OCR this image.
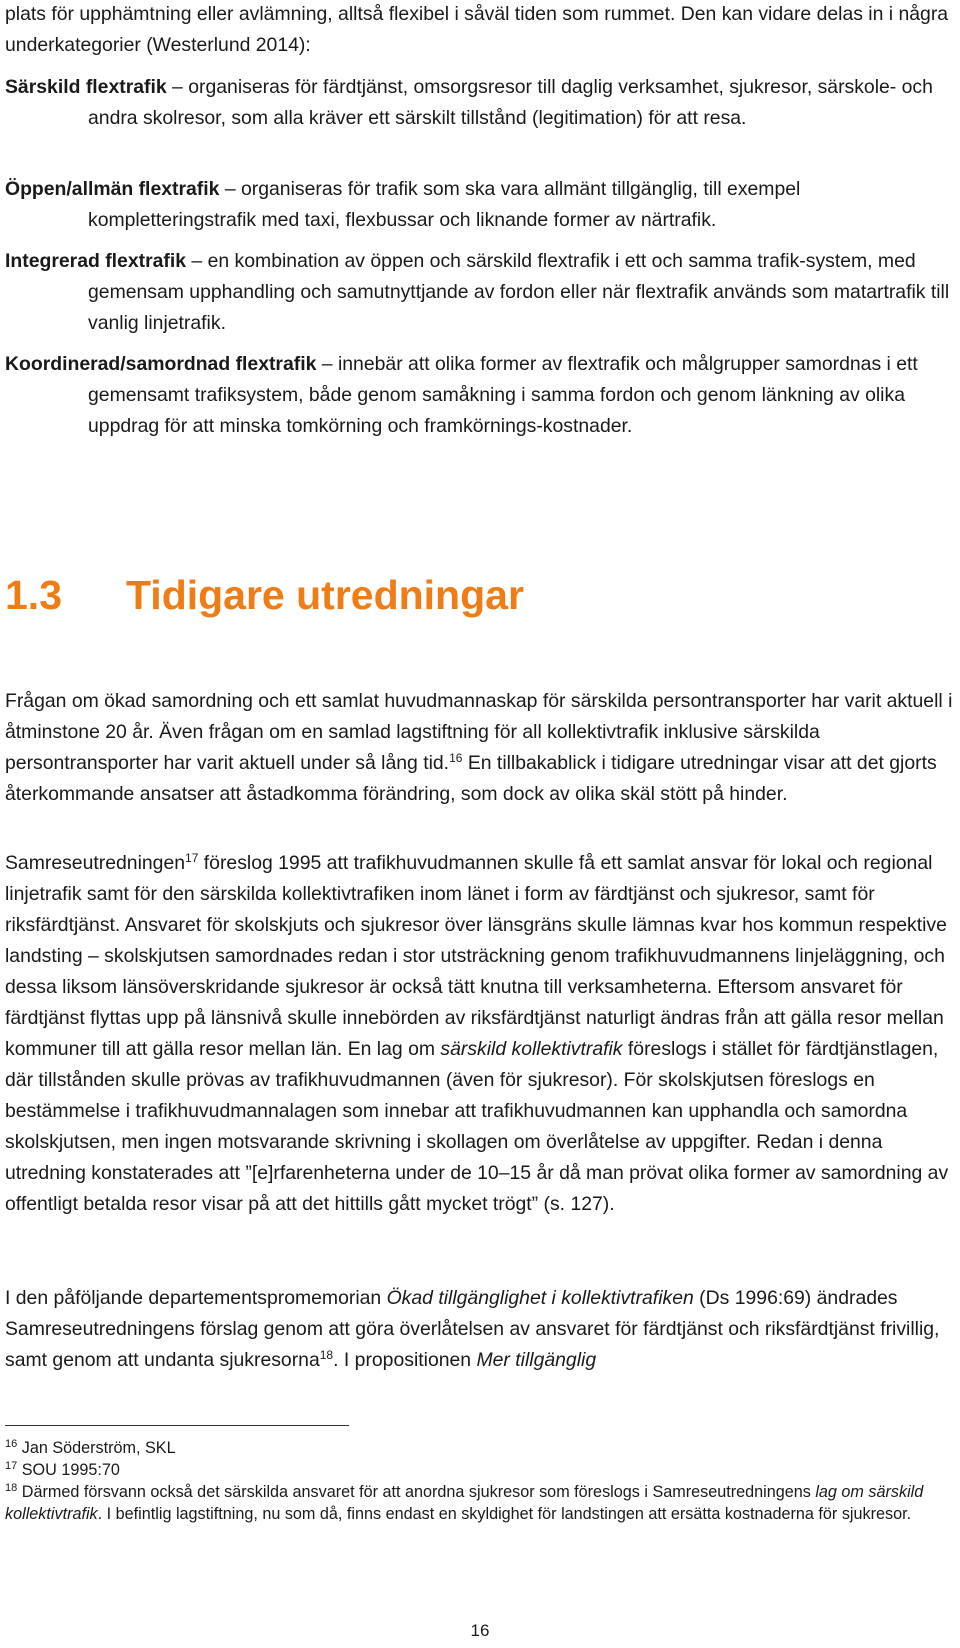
plats för upphämtning eller avlämning, alltså flexibel i såväl tiden som rummet. Den kan vidare delas in i några underkategorier (Westerlund 2014):

Särskild flextrafik – organiseras för färdtjänst, omsorgsresor till daglig verksamhet, sjukresor, särskole- och andra skolresor, som alla kräver ett särskilt tillstånd (legitimation) för att resa.

Öppen/allmän flextrafik – organiseras för trafik som ska vara allmänt tillgänglig, till exempel kompletteringstrafik med taxi, flexbussar och liknande former av närtrafik.

Integrerad flextrafik – en kombination av öppen och särskild flextrafik i ett och samma trafik-system, med gemensam upphandling och samutnyttjande av fordon eller när flextrafik används som matartrafik till vanlig linjetrafik.

Koordinerad/samordnad flextrafik – innebär att olika former av flextrafik och målgrupper samordnas i ett gemensamt trafiksystem, både genom samåkning i samma fordon och genom länkning av olika uppdrag för att minska tomkörning och framkörnings-kostnader.

1.3 Tidigare utredningar

Frågan om ökad samordning och ett samlat huvudmannaskap för särskilda persontransporter har varit aktuell i åtminstone 20 år. Även frågan om en samlad lagstiftning för all kollektivtrafik inklusive särskilda persontransporter har varit aktuell under så lång tid.$^{16}$ En tillbakablick i tidigare utredningar visar att det gjorts återkommande ansatser att åstadkomma förändring, som dock av olika skäl stött på hinder.

Samreseutredningen$^{17}$ föreslog 1995 att trafikhuvudmannen skulle få ett samlat ansvar för lokal och regional linjetrafik samt för den särskilda kollektivtrafiken inom länet i form av färdtjänst och sjukresor, samt för riksfärdtjänst. Ansvaret för skolskjuts och sjukresor över länsgräns skulle lämnas kvar hos kommun respektive landsting – skolskjutsen samordnades redan i stor utsträckning genom trafikhuvudmannens linjeläggning, och dessa liksom länsöverskridande sjukresor är också tätt knutna till verksamheterna. Eftersom ansvaret för färdtjänst flyttas upp på länsnivå skulle innebörden av riksfärdtjänst naturligt ändras från att gälla resor mellan kommuner till att gälla resor mellan län. En lag om särskild kollektivtrafik föreslogs i stället för färdtjänstlagen, där tillstånden skulle prövas av trafikhuvudmannen (även för sjukresor). För skolskjutsen föreslogs en bestämmelse i trafikhuvudmannalagen som innebar att trafikhuvudmannen kan upphandla och samordna skolskjutsen, men ingen motsvarande skrivning i skollagen om överlåtelse av uppgifter. Redan i denna utredning konstaterades att ”[e]rfarenheterna under de 10–15 år då man prövat olika former av samordning av offentligt betalda resor visar på att det hittills gått mycket trögt” (s. 127).

I den påföljande departementspromemorian Ökad tillgänglighet i kollektivtrafiken (Ds 1996:69) ändrades Samreseutredningens förslag genom att göra överlåtelsen av ansvaret för färdtjänst och riksfärdtjänst frivillig, samt genom att undanta sjukresorna$^{18}$. I propositionen Mer tillgänglig

$^{16}$ Jan Söderström, SKL

$^{17}$ SOU 1995:70

$^{18}$ Därmed försvann också det särskilda ansvaret för att anordna sjukresor som föreslogs i Samreseutredningens lag om särskild kollektivtrafik. I befintlig lagstiftning, nu som då, finns endast en skyldighet för landstingen att ersätta kostnaderna för sjukresor.

16
